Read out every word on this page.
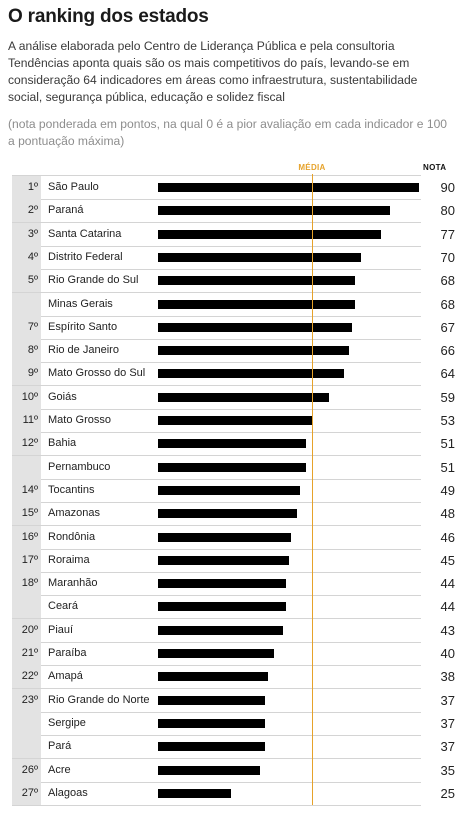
O ranking dos estados
A análise elaborada pelo Centro de Liderança Pública e pela consultoria Tendências aponta quais são os mais competitivos do país, levando-se em consideração 64 indicadores em áreas como infraestrutura, sustentabilidade social, segurança pública, educação e solidez fiscal
(nota ponderada em pontos, na qual 0 é a pior avaliação em cada indicador e 100 a pontuação máxima)
MÉDIA	NOTA
1º São Paulo	90
2º Paraná	80
3º Santa Catarina	77
4º Distrito Federal	70
5º Rio Grande do Sul	68
Minas Gerais	68
7º Espírito Santo	67
8º Rio de Janeiro	66
9º Mato Grosso do Sul	64
10º Goiás	59
11º Mato Grosso	53
12º Bahia	51
Pernambuco	51
14º Tocantins	49
15º Amazonas	48
16º Rondônia	46
17º Roraima	45
18º Maranhão	44
Ceará	44
20º Piauí	43
21º Paraíba	40
22º Amapá	38
23º Rio Grande do Norte	37
Sergipe	37
Pará	37
26º Acre	35
27º Alagoas	25
